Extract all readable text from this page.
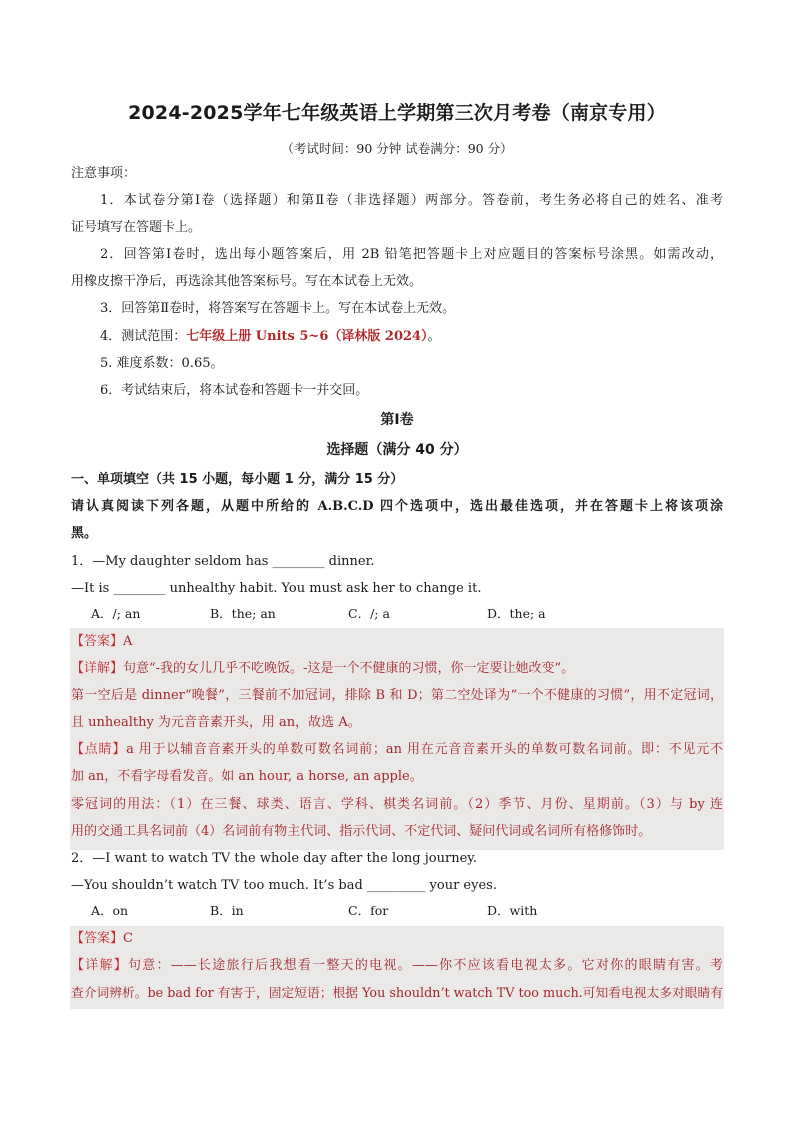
2024-2025学年七年级英语上学期第三次月考卷（南京专用）
（考试时间：90 分钟 试卷满分：90 分）
注意事项：
1．本试卷分第Ⅰ卷（选择题）和第Ⅱ卷（非选择题）两部分。答卷前，考生务必将自己的姓名、准考
证号填写在答题卡上。
2．回答第Ⅰ卷时，选出每小题答案后，用 2B 铅笔把答题卡上对应题目的答案标号涂黑。如需改动，
用橡皮擦干净后，再选涂其他答案标号。写在本试卷上无效。
3．回答第Ⅱ卷时，将答案写在答题卡上。写在本试卷上无效。
4．测试范围：七年级上册 Units 5~6（译林版 2024）。
5. 难度系数：0.65。
6．考试结束后，将本试卷和答题卡一并交回。
第Ⅰ卷
选择题（满分 40 分）
一、单项填空（共 15 小题，每小题 1 分，满分 15 分）
请认真阅读下列各题，从题中所给的 A.B.C.D 四个选项中，选出最佳选项，并在答题卡上将该项涂
黑。
1．—My daughter seldom has ________ dinner.
—It is ________ unhealthy habit. You must ask her to change it.
A．/; an	B．the; an	C．/; a	D．the; a
【答案】A
【详解】句意“-我的女儿几乎不吃晚饭。-这是一个不健康的习惯，你一定要让她改变”。
第一空后是 dinner“晚餐”，三餐前不加冠词，排除 B 和 D；第二空处译为“一个不健康的习惯”，用不定冠词，
且 unhealthy 为元音音素开头，用 an，故选 A。
【点睛】a 用于以辅音音素开头的单数可数名词前；an 用在元音音素开头的单数可数名词前。即：不见元不
加 an，不看字母看发音。如 an hour, a horse, an apple。
零冠词的用法：（1）在三餐、球类、语言、学科、棋类名词前。（2）季节、月份、星期前。（3）与 by 连
用的交通工具名词前（4）名词前有物主代词、指示代词、不定代词、疑问代词或名词所有格修饰时。
2．—I want to watch TV the whole day after the long journey.
—You shouldn’t watch TV too much. It’s bad _________ your eyes.
A．on	B．in	C．for	D．with
【答案】C
【详解】句意：——长途旅行后我想看一整天的电视。——你不应该看电视太多。它对你的眼睛有害。考
查介词辨析。be bad for 有害于，固定短语；根据 You shouldn’t watch TV too much.可知看电视太多对眼睛有
